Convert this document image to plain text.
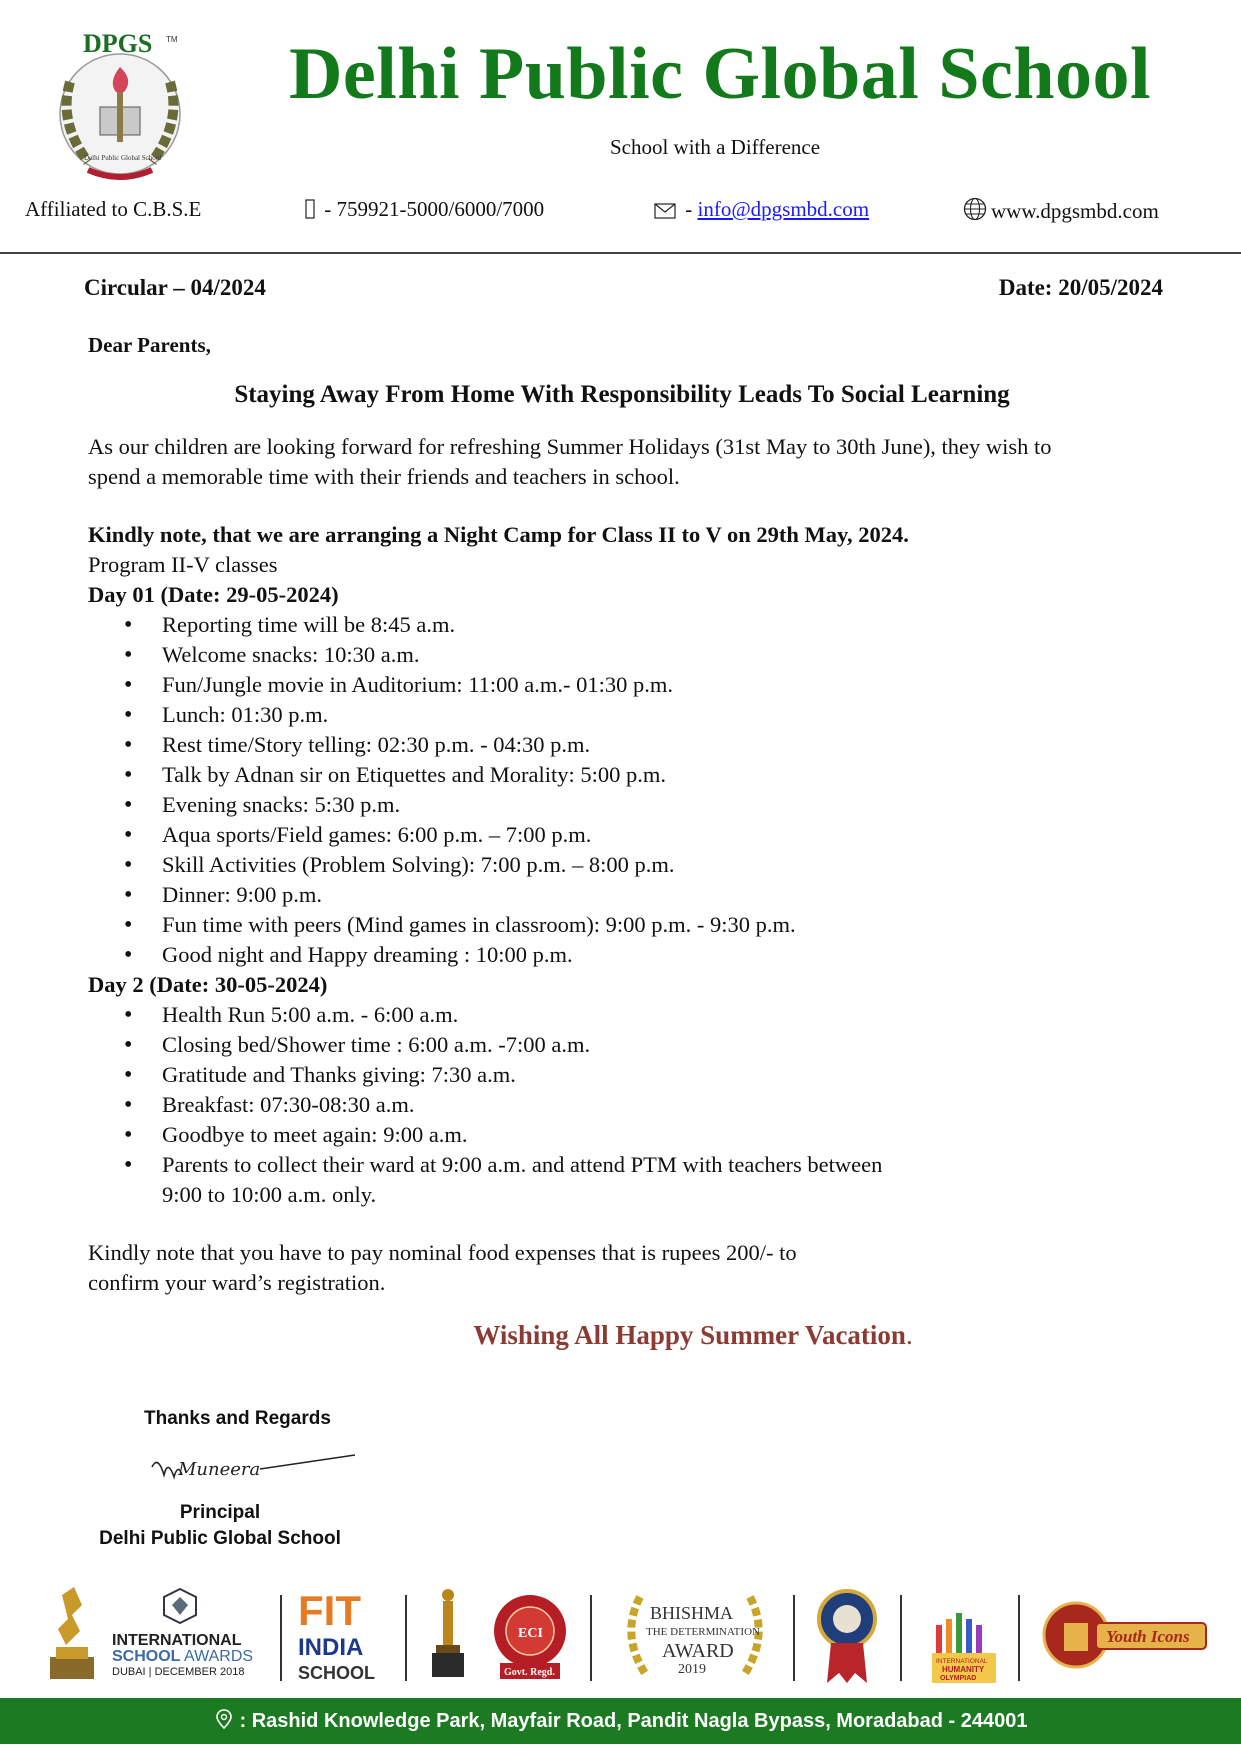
DPGS TM
Delhi Public Global School
Delhi Public Global School
School with a Difference
Affiliated to C.B.S.E	- 759921-5000/6000/7000	- info@dpgsmbd.com	www.dpgsmbd.com
Circular – 04/2024	Date: 20/05/2024
Dear Parents,
Staying Away From Home With Responsibility Leads To Social Learning
As our children are looking forward for refreshing Summer Holidays (31st May to 30th June), they wish to
spend a memorable time with their friends and teachers in school.
Kindly note, that we are arranging a Night Camp for Class II to V on 29th May, 2024.
Program II-V classes
Day 01 (Date: 29-05-2024)
• Reporting time will be 8:45 a.m.
• Welcome snacks: 10:30 a.m.
• Fun/Jungle movie in Auditorium: 11:00 a.m.- 01:30 p.m.
• Lunch: 01:30 p.m.
• Rest time/Story telling: 02:30 p.m. - 04:30 p.m.
• Talk by Adnan sir on Etiquettes and Morality: 5:00 p.m.
• Evening snacks: 5:30 p.m.
• Aqua sports/Field games: 6:00 p.m. – 7:00 p.m.
• Skill Activities (Problem Solving): 7:00 p.m. – 8:00 p.m.
• Dinner: 9:00 p.m.
• Fun time with peers (Mind games in classroom): 9:00 p.m. - 9:30 p.m.
• Good night and Happy dreaming : 10:00 p.m.
Day 2 (Date: 30-05-2024)
• Health Run 5:00 a.m. - 6:00 a.m.
• Closing bed/Shower time : 6:00 a.m. -7:00 a.m.
• Gratitude and Thanks giving: 7:30 a.m.
• Breakfast: 07:30-08:30 a.m.
• Goodbye to meet again: 9:00 a.m.
• Parents to collect their ward at 9:00 a.m. and attend PTM with teachers between
9:00 to 10:00 a.m. only.
Kindly note that you have to pay nominal food expenses that is rupees 200/- to
confirm your ward’s registration.
Wishing All Happy Summer Vacation.
Thanks and Regards
Muneera
Principal
Delhi Public Global School
INTERNATIONAL
SCHOOL AWARDS
DUBAI | DECEMBER 2018
FIT
INDIA
SCHOOL
ECI
Govt. Regd.
BHISHMA
THE DETERMINATION
AWARD
2019
INTERNATIONAL
HUMANITY
OLYMPIAD
Youth Icons
: Rashid Knowledge Park, Mayfair Road, Pandit Nagla Bypass, Moradabad - 244001
